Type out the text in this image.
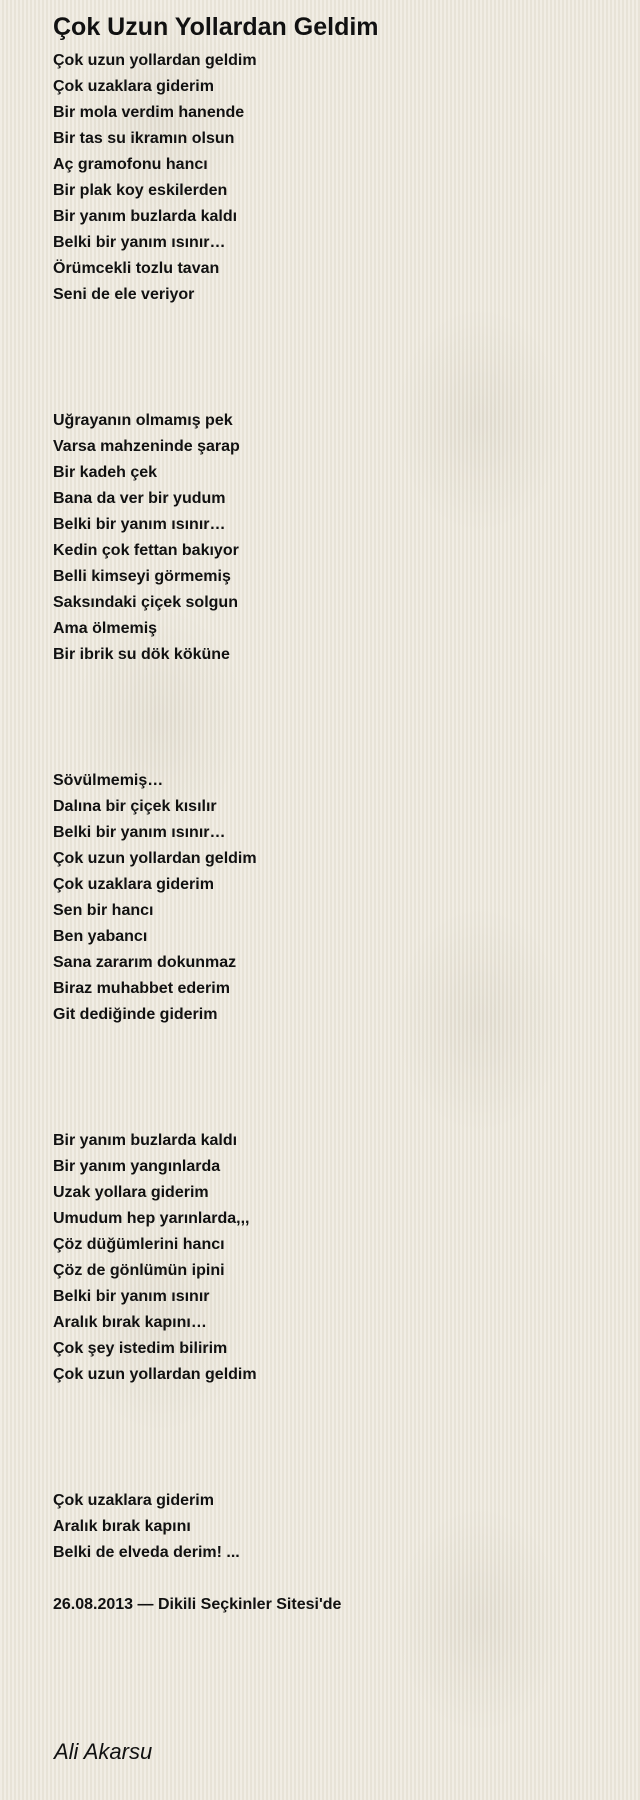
Çok Uzun Yollardan Geldim
Çok uzun yollardan geldim
Çok uzaklara giderim
Bir mola verdim hanende
Bir tas su ikramın olsun
Aç gramofonu hancı
Bir plak koy eskilerden
Bir yanım buzlarda kaldı
Belki bir yanım ısınır…
Örümcekli tozlu tavan
Seni de ele veriyor
Uğrayanın olmamış pek
Varsa mahzeninde şarap
Bir kadeh çek
Bana da ver bir yudum
Belki bir yanım ısınır…
Kedin çok fettan bakıyor
Belli kimseyi görmemiş
Saksındaki çiçek solgun
Ama ölmemiş
Bir ibrik su dök köküne
Sövülmemiş…
Dalına bir çiçek kısılır
Belki bir yanım ısınır…
Çok uzun yollardan geldim
Çok uzaklara giderim
Sen bir hancı
Ben yabancı
Sana zararım dokunmaz
Biraz muhabbet ederim
Git dediğinde giderim
Bir yanım buzlarda kaldı
Bir yanım yangınlarda
Uzak yollara giderim
Umudum hep yarınlarda,,,
Çöz düğümlerini hancı
Çöz de gönlümün ipini
Belki bir yanım ısınır
Aralık bırak kapını…
Çok şey istedim bilirim
Çok uzun yollardan geldim
Çok uzaklara giderim
Aralık bırak kapını
Belki de elveda derim! ...
26.08.2013 — Dikili Seçkinler Sitesi'de
Ali Akarsu
